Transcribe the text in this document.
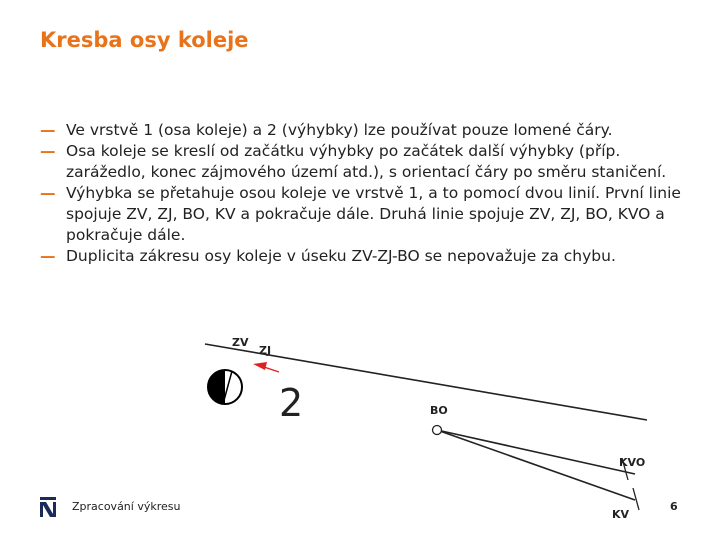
Kresba osy koleje
— Ve vrstvě 1 (osa koleje) a 2 (výhybky) lze používat pouze lomené čáry.
— Osa koleje se kreslí od začátku výhybky po začátek další výhybky (příp. zarážedlo, konec zájmového území atd.), s orientací čáry po směru staničení.
— Výhybka se přetahuje osou koleje ve vrstvě 1, a to pomocí dvou linií. První linie spojuje ZV, ZJ, BO, KV a pokračuje dále. Druhá linie spojuje ZV, ZJ, BO, KVO a pokračuje dále.
— Duplicita zákresu osy koleje v úseku ZV-ZJ-BO se nepovažuje za chybu.
2
ZV
ZJ
BO
KVO
KV
Zpracování výkresu	6
